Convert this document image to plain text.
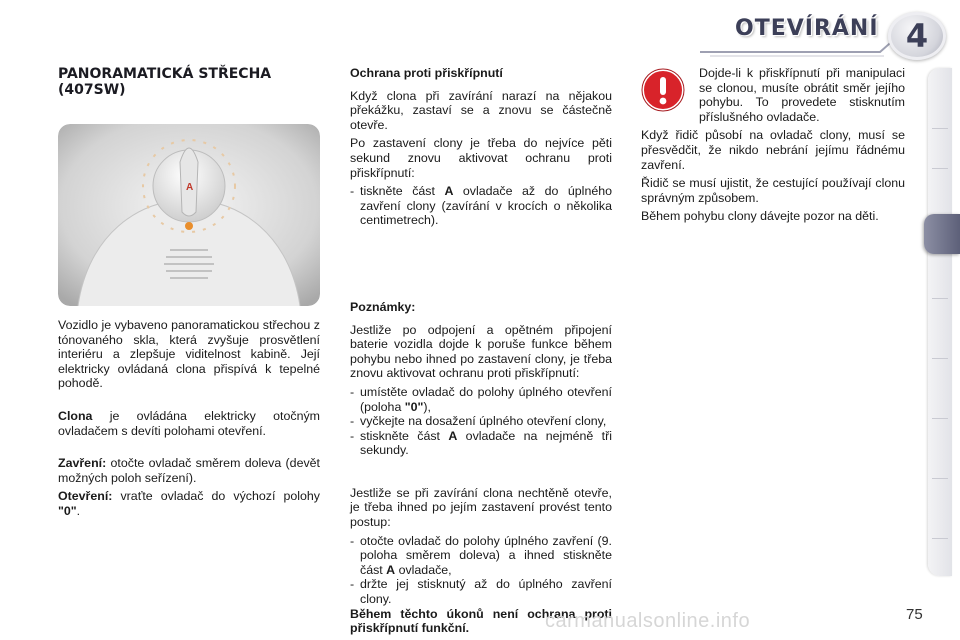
OTEVÍRÁNÍ 4
PANORAMATICKÁ STŘECHA (407SW)
A

Vozidlo je vybaveno panoramatickou střechou z tónovaného skla, která zvyšuje prosvětlení interiéru a zlepšuje viditelnost kabině. Její elektricky ovládaná clona přispívá k tepelné pohodě.

Clona je ovládána elektricky otočným ovladačem s devíti polohami otevření.

Zavření: otočte ovladač směrem doleva (devět možných poloh seřízení).

Otevření: vraťte ovladač do výchozí polohy "0".

Ochrana proti přiskřípnutí

Když clona při zavírání narazí na nějakou překážku, zastaví se a znovu se částečně otevře.

Po zastavení clony je třeba do nejvíce pěti sekund znovu aktivovat ochranu proti přiskřípnutí:

- tiskněte část A ovladače až do úplného zavření clony (zavírání v krocích o několika centimetrech).
Poznámky:

Jestliže po odpojení a opětném připojení baterie vozidla dojde k poruše funkce během pohybu nebo ihned po zastavení clony, je třeba znovu aktivovat ochranu proti přiskřípnutí:

- umístěte ovladač do polohy úplného otevření (poloha "0"),
- vyčkejte na dosažení úplného otevření clony,
- stiskněte část A ovladače na nejméně tři sekundy.

Jestliže se při zavírání clona nechtěně otevře, je třeba ihned po jejím zastavení provést tento postup:

- otočte ovladač do polohy úplného zavření (9. poloha směrem doleva) a ihned stiskněte část A ovladače,
- držte jej stisknutý až do úplného zavření clony.

Během těchto úkonů není ochrana proti přiskřípnutí funkční.

Dojde-li k přiskřípnutí při manipulaci se clonou, musíte obrátit směr jejího pohybu. To provedete stisknutím příslušného ovladače.

Když řidič působí na ovladač clony, musí se přesvědčit, že nikdo nebrání jejímu řádnému zavření.

Řidič se musí ujistit, že cestující používají clonu správným způsobem.

Během pohybu clony dávejte pozor na děti.

carmanualsonline.info	75
